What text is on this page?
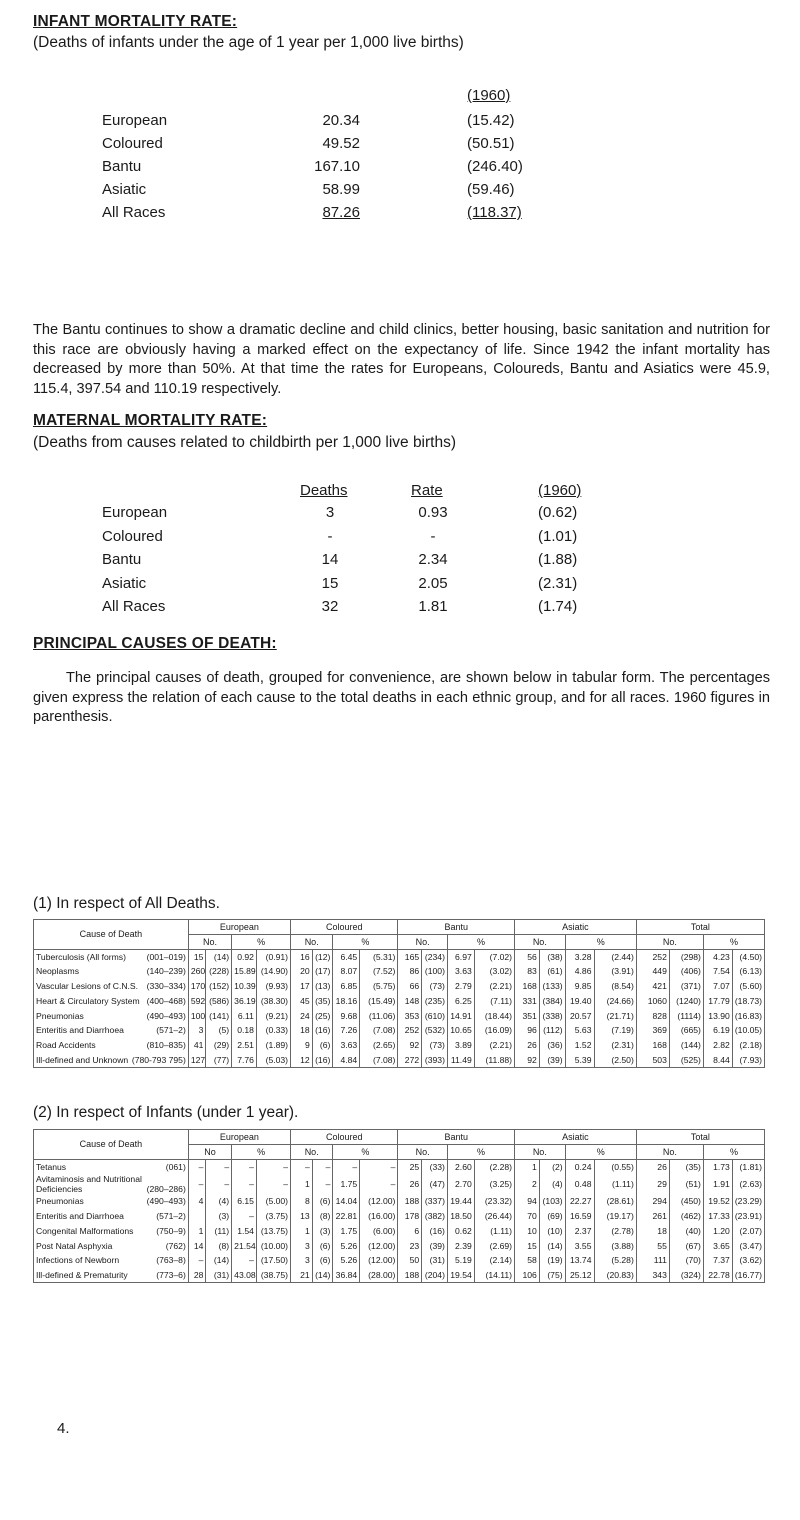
INFANT MORTALITY RATE:
(Deaths of infants under the age of 1 year per 1,000 live births)
(1960)
European	20.34	(15.42)
Coloured	49.52	(50.51)
Bantu	167.10	(246.40)
Asiatic	58.99	(59.46)
All Races	87.26	(118.37)
The Bantu continues to show a dramatic decline and child clinics, better housing, basic sanitation and nutrition for this race are obviously having a marked effect on the expectancy of life. Since 1942 the infant mortality has decreased by more than 50%. At that time the rates for Europeans, Coloureds, Bantu and Asiatics were 45.9, 115.4, 397.54 and 110.19 respectively.
MATERNAL MORTALITY RATE:
(Deaths from causes related to childbirth per 1,000 live births)
Deaths	Rate	(1960)
European	3	0.93	(0.62)
Coloured	-	-	(1.01)
Bantu	14	2.34	(1.88)
Asiatic	15	2.05	(2.31)
All Races	32	1.81	(1.74)
PRINCIPAL CAUSES OF DEATH:
The principal causes of death, grouped for convenience, are shown below in tabular form. The percentages given express the relation of each cause to the total deaths in each ethnic group, and for all races. 1960 figures in parenthesis.
(1) In respect of All Deaths.
Cause of Death	European				Coloured				Bantu				Asiatic				Total			
	No.		%		No.		%		No.		%		No.		%		No.		%	
Tuberculosis (All forms) (001–019)	15	(14)	0.92	(0.91)	16	(12)	6.45	(5.31)	165	(234)	6.97	(7.02)	56	(38)	3.28	(2.44)	252	(298)	4.23	(4.50)
Neoplasms (140–239)	260	(228)	15.89	(14.90)	20	(17)	8.07	(7.52)	86	(100)	3.63	(3.02)	83	(61)	4.86	(3.91)	449	(406)	7.54	(6.13)
Vascular Lesions of C.N.S. (330–334)	170	(152)	10.39	(9.93)	17	(13)	6.85	(5.75)	66	(73)	2.79	(2.21)	168	(133)	9.85	(8.54)	421	(371)	7.07	(5.60)
Heart & Circulatory System (400–468)	592	(586)	36.19	(38.30)	45	(35)	18.16	(15.49)	148	(235)	6.25	(7.11)	331	(384)	19.40	(24.66)	1060	(1240)	17.79	(18.73)
Pneumonias (490–493)	100	(141)	6.11	(9.21)	24	(25)	9.68	(11.06)	353	(610)	14.91	(18.44)	351	(338)	20.57	(21.71)	828	(1114)	13.90	(16.83)
Enteritis and Diarrhoea (571–2)	3	(5)	0.18	(0.33)	18	(16)	7.26	(7.08)	252	(532)	10.65	(16.09)	96	(112)	5.63	(7.19)	369	(665)	6.19	(10.05)
Road Accidents (810–835)	41	(29)	2.51	(1.89)	9	(6)	3.63	(2.65)	92	(73)	3.89	(2.21)	26	(36)	1.52	(2.31)	168	(144)	2.82	(2.18)
Ill-defined and Unknown (780-793 795)	127	(77)	7.76	(5.03)	12	(16)	4.84	(7.08)	272	(393)	11.49	(11.88)	92	(39)	5.39	(2.50)	503	(525)	8.44	(7.93)
(2) In respect of Infants (under 1 year).
Cause of Death	European				Coloured				Bantu				Asiatic				Total			
	No		%		No.		%		No.		%		No.		%		No.		%	
Tetanus (061)	–	–	–	–	–	–	–	–	25	(33)	2.60	(2.28)	1	(2)	0.24	(0.55)	26	(35)	1.73	(1.81)
Avitaminosis and Nutritional Deficiencies (280–286)	–	–	–	–	1	–	1.75	–	26	(47)	2.70	(3.25)	2	(4)	0.48	(1.11)	29	(51)	1.91	(2.63)
Pneumonias (490–493)	4	(4)	6.15	(5.00)	8	(6)	14.04	(12.00)	188	(337)	19.44	(23.32)	94	(103)	22.27	(28.61)	294	(450)	19.52	(23.29)
Enteritis and Diarrhoea (571–2)		(3)	–	(3.75)	13	(8)	22.81	(16.00)	178	(382)	18.50	(26.44)	70	(69)	16.59	(19.17)	261	(462)	17.33	(23.91)
Congenital Malformations (750–9)	1	(11)	1.54	(13.75)	1	(3)	1.75	(6.00)	6	(16)	0.62	(1.11)	10	(10)	2.37	(2.78)	18	(40)	1.20	(2.07)
Post Natal Asphyxia (762)	14	(8)	21.54	(10.00)	3	(6)	5.26	(12.00)	23	(39)	2.39	(2.69)	15	(14)	3.55	(3.88)	55	(67)	3.65	(3.47)
Infections of Newborn (763–8)	–	(14)	–	(17.50)	3	(6)	5.26	(12.00)	50	(31)	5.19	(2.14)	58	(19)	13.74	(5.28)	111	(70)	7.37	(3.62)
Ill-defined & Prematurity (773–6)	28	(31)	43.08	(38.75)	21	(14)	36.84	(28.00)	188	(204)	19.54	(14.11)	106	(75)	25.12	(20.83)	343	(324)	22.78	(16.77)
4.
